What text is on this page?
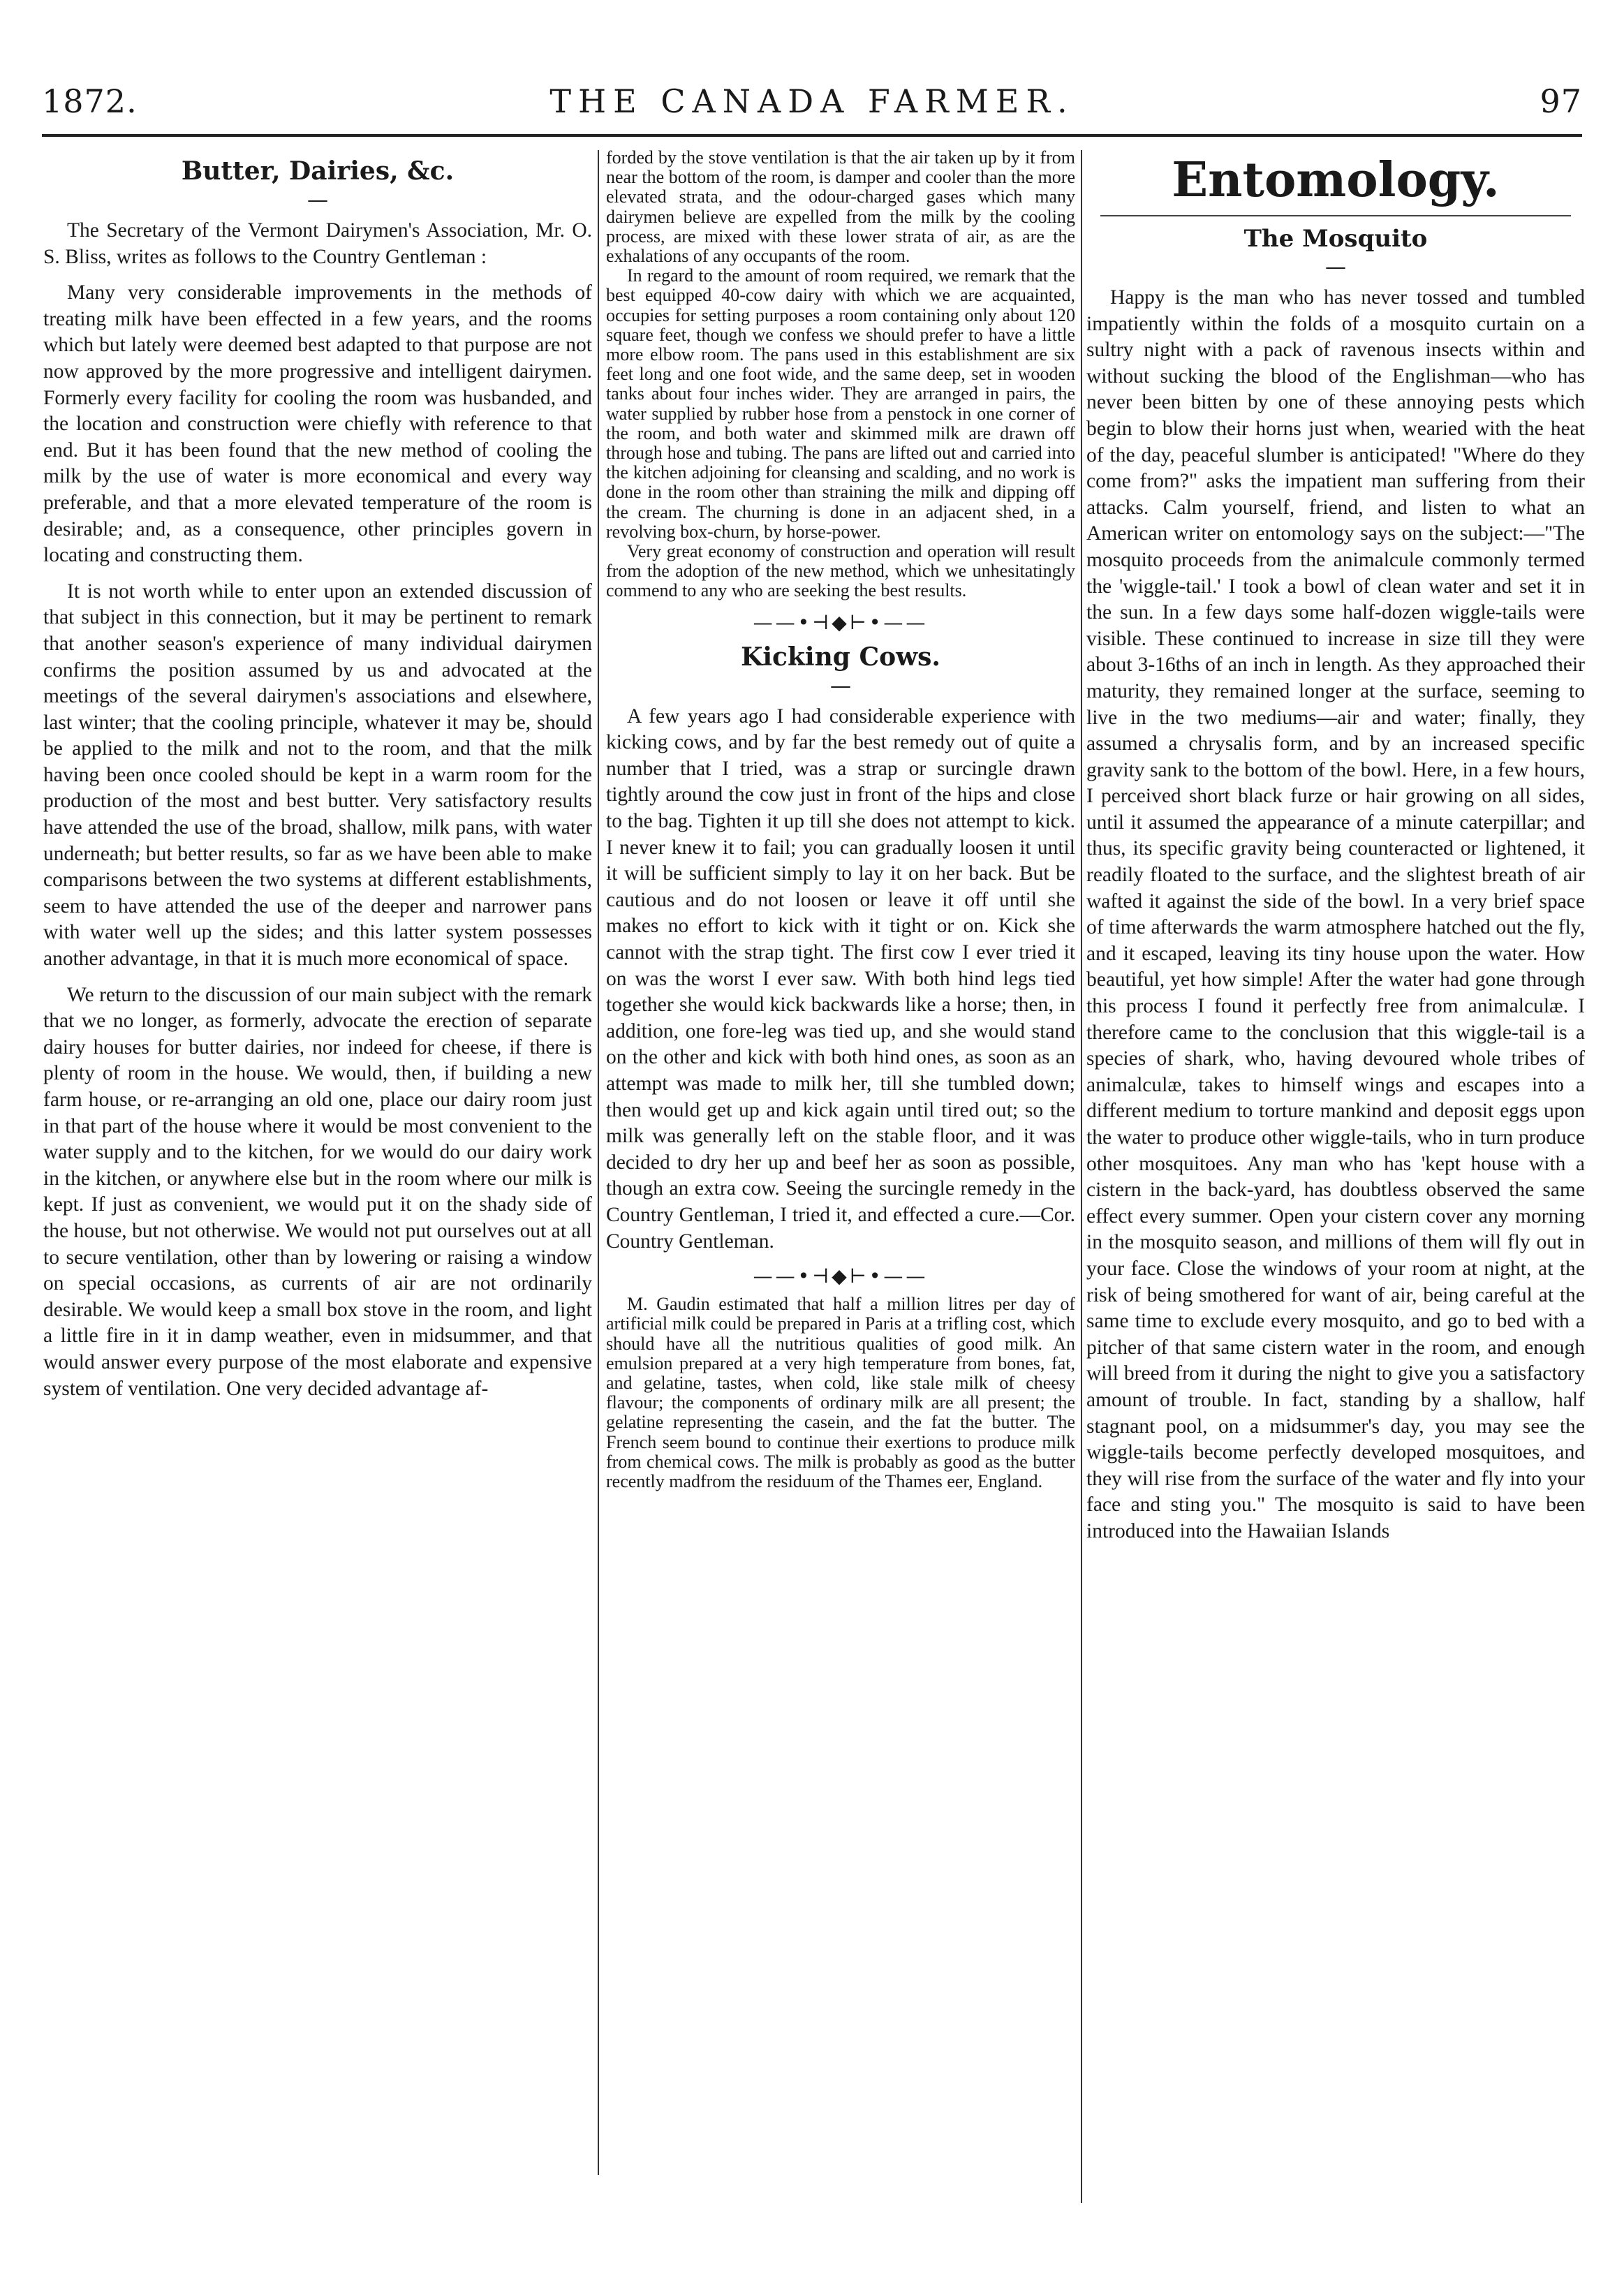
1872.	THE CANADA FARMER.	97
Butter, Dairies, &c.
—

The Secretary of the Vermont Dairymen's Association, Mr. O. S. Bliss, writes as follows to the Country Gentleman :

Many very considerable improvements in the methods of treating milk have been effected in a few years, and the rooms which but lately were deemed best adapted to that purpose are not now approved by the more progressive and intelligent dairymen. Formerly every facility for cooling the room was husbanded, and the location and construction were chiefly with reference to that end. But it has been found that the new method of cooling the milk by the use of water is more economical and every way preferable, and that a more elevated temperature of the room is desirable; and, as a consequence, other principles govern in locating and constructing them.

It is not worth while to enter upon an extended discussion of that subject in this connection, but it may be pertinent to remark that another season's experience of many individual dairymen confirms the position assumed by us and advocated at the meetings of the several dairymen's associations and elsewhere, last winter; that the cooling principle, whatever it may be, should be applied to the milk and not to the room, and that the milk having been once cooled should be kept in a warm room for the production of the most and best butter. Very satisfactory results have attended the use of the broad, shallow, milk pans, with water underneath; but better results, so far as we have been able to make comparisons between the two systems at different establishments, seem to have attended the use of the deeper and narrower pans with water well up the sides; and this latter system possesses another advantage, in that it is much more economical of space.

We return to the discussion of our main subject with the remark that we no longer, as formerly, advocate the erection of separate dairy houses for butter dairies, nor indeed for cheese, if there is plenty of room in the house. We would, then, if building a new farm house, or re-arranging an old one, place our dairy room just in that part of the house where it would be most convenient to the water supply and to the kitchen, for we would do our dairy work in the kitchen, or anywhere else but in the room where our milk is kept. If just as convenient, we would put it on the shady side of the house, but not otherwise. We would not put ourselves out at all to secure ventilation, other than by lowering or raising a window on special occasions, as currents of air are not ordinarily desirable. We would keep a small box stove in the room, and light a little fire in it in damp weather, even in midsummer, and that would answer every purpose of the most elaborate and expensive system of ventilation. One very decided advantage af-

forded by the stove ventilation is that the air taken up by it from near the bottom of the room, is damper and cooler than the more elevated strata, and the odour-charged gases which many dairymen believe are expelled from the milk by the cooling process, are mixed with these lower strata of air, as are the exhalations of any occupants of the room.

In regard to the amount of room required, we remark that the best equipped 40-cow dairy with which we are acquainted, occupies for setting purposes a room containing only about 120 square feet, though we confess we should prefer to have a little more elbow room. The pans used in this establishment are six feet long and one foot wide, and the same deep, set in wooden tanks about four inches wider. They are arranged in pairs, the water supplied by rubber hose from a penstock in one corner of the room, and both water and skimmed milk are drawn off through hose and tubing. The pans are lifted out and carried into the kitchen adjoining for cleansing and scalding, and no work is done in the room other than straining the milk and dipping off the cream. The churning is done in an adjacent shed, in a revolving box-churn, by horse-power.

Very great economy of construction and operation will result from the adoption of the new method, which we unhesitatingly commend to any who are seeking the best results.

——•⊣◆⊢•——
Kicking Cows.
—

A few years ago I had considerable experience with kicking cows, and by far the best remedy out of quite a number that I tried, was a strap or surcingle drawn tightly around the cow just in front of the hips and close to the bag. Tighten it up till she does not attempt to kick. I never knew it to fail; you can gradually loosen it until it will be sufficient simply to lay it on her back. But be cautious and do not loosen or leave it off until she makes no effort to kick with it tight or on. Kick she cannot with the strap tight. The first cow I ever tried it on was the worst I ever saw. With both hind legs tied together she would kick backwards like a horse; then, in addition, one fore-leg was tied up, and she would stand on the other and kick with both hind ones, as soon as an attempt was made to milk her, till she tumbled down; then would get up and kick again until tired out; so the milk was generally left on the stable floor, and it was decided to dry her up and beef her as soon as possible, though an extra cow. Seeing the surcingle remedy in the Country Gentleman, I tried it, and effected a cure.—Cor. Country Gentleman.

——•⊣◆⊢•——

M. Gaudin estimated that half a million litres per day of artificial milk could be prepared in Paris at a trifling cost, which should have all the nutritious qualities of good milk. An emulsion prepared at a very high temperature from bones, fat, and gelatine, tastes, when cold, like stale milk of cheesy flavour; the components of ordinary milk are all present; the gelatine representing the casein, and the fat the butter. The French seem bound to continue their exertions to produce milk from chemical cows. The milk is probably as good as the butter recently madfrom the residuum of the Thames eer, England.

Entomology.
The Mosquito
—

Happy is the man who has never tossed and tumbled impatiently within the folds of a mosquito curtain on a sultry night with a pack of ravenous insects within and without sucking the blood of the Englishman—who has never been bitten by one of these annoying pests which begin to blow their horns just when, wearied with the heat of the day, peaceful slumber is anticipated! "Where do they come from?" asks the impatient man suffering from their attacks. Calm yourself, friend, and listen to what an American writer on entomology says on the subject:—"The mosquito proceeds from the animalcule commonly termed the 'wiggle-tail.' I took a bowl of clean water and set it in the sun. In a few days some half-dozen wiggle-tails were visible. These continued to increase in size till they were about 3-16ths of an inch in length. As they approached their maturity, they remained longer at the surface, seeming to live in the two mediums—air and water; finally, they assumed a chrysalis form, and by an increased specific gravity sank to the bottom of the bowl. Here, in a few hours, I perceived short black furze or hair growing on all sides, until it assumed the appearance of a minute caterpillar; and thus, its specific gravity being counteracted or lightened, it readily floated to the surface, and the slightest breath of air wafted it against the side of the bowl. In a very brief space of time afterwards the warm atmosphere hatched out the fly, and it escaped, leaving its tiny house upon the water. How beautiful, yet how simple! After the water had gone through this process I found it perfectly free from animalculæ. I therefore came to the conclusion that this wiggle-tail is a species of shark, who, having devoured whole tribes of animalculæ, takes to himself wings and escapes into a different medium to torture mankind and deposit eggs upon the water to produce other wiggle-tails, who in turn produce other mosquitoes. Any man who has 'kept house with a cistern in the back-yard, has doubtless observed the same effect every summer. Open your cistern cover any morning in the mosquito season, and millions of them will fly out in your face. Close the windows of your room at night, at the risk of being smothered for want of air, being careful at the same time to exclude every mosquito, and go to bed with a pitcher of that same cistern water in the room, and enough will breed from it during the night to give you a satisfactory amount of trouble. In fact, standing by a shallow, half stagnant pool, on a midsummer's day, you may see the wiggle-tails become perfectly developed mosquitoes, and they will rise from the surface of the water and fly into your face and sting you." The mosquito is said to have been introduced into the Hawaiian Islands
